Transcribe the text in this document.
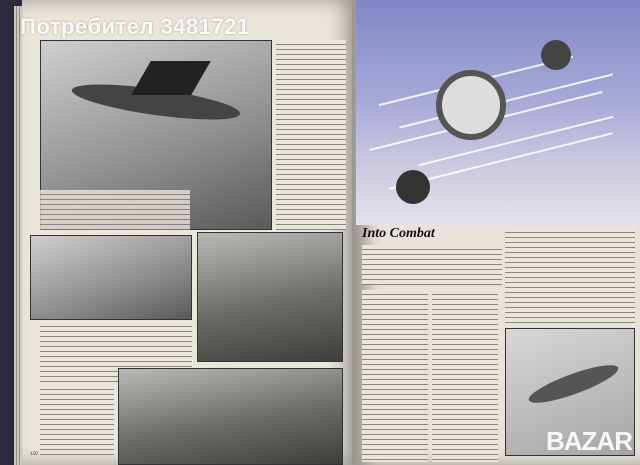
150
Into Combat
Потребител 3481721
BAZAR
